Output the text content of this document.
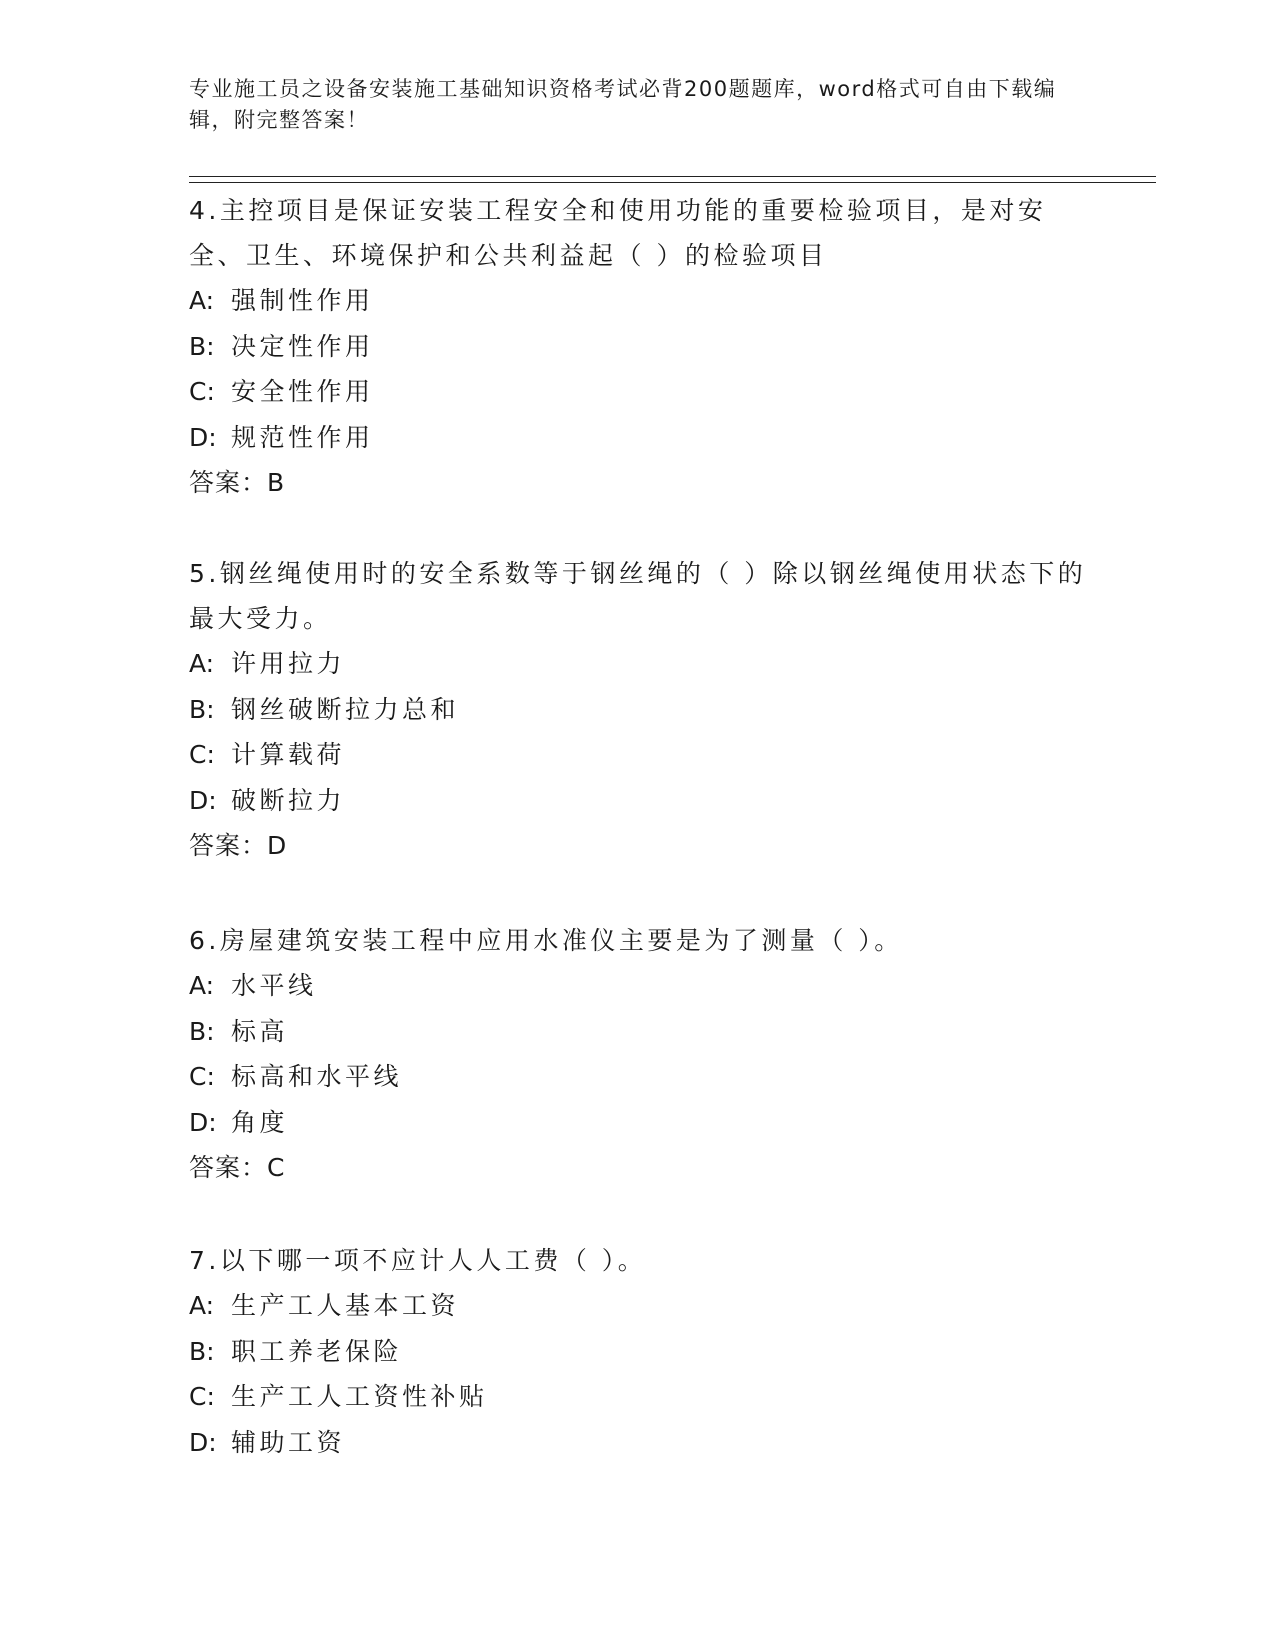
专业施工员之设备安装施工基础知识资格考试必背200题题库，word格式可自由下载编辑，附完整答案！

4.主控项目是保证安装工程安全和使用功能的重要检验项目，是对安全、卫生、环境保护和公共利益起（ ）的检验项目

A: 强制性作用
B: 决定性作用
C: 安全性作用
D: 规范性作用
答案：B

5.钢丝绳使用时的安全系数等于钢丝绳的（ ）除以钢丝绳使用状态下的最大受力。

A: 许用拉力
B: 钢丝破断拉力总和
C: 计算载荷
D: 破断拉力
答案：D

6.房屋建筑安装工程中应用水准仪主要是为了测量（ ）。

A: 水平线
B: 标高
C: 标高和水平线
D: 角度
答案：C

7.以下哪一项不应计人人工费（ ）。

A: 生产工人基本工资
B: 职工养老保险
C: 生产工人工资性补贴
D: 辅助工资
